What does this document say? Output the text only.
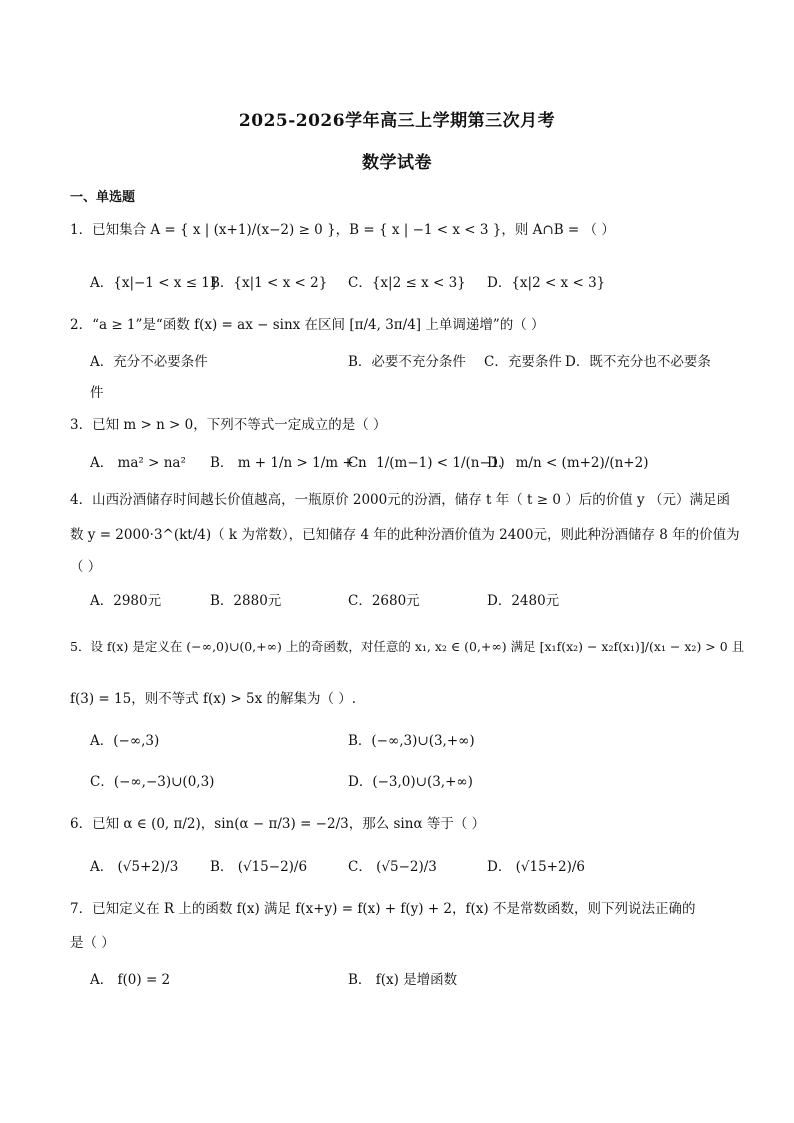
2025-2026学年高三上学期第三次月考
数学试卷
一、单选题
1．已知集合 A = { x | (x+1)/(x−2) ≥ 0 }，B = { x | −1 < x < 3 }，则 A∩B = （ ）
A．{x|−1 < x ≤ 1}
B．{x|1 < x < 2} C．{x|2 ≤ x < 3} D．{x|2 < x < 3}
2．“a ≥ 1”是“函数 f(x) = ax − sinx 在区间 [π/4, 3π/4] 上单调递增”的（ ）
A．充分不必要条件	B．必要不充分条件 C．充要条件 D．既不充分也不必要条
件
3．已知 m > n > 0，下列不等式一定成立的是（ ）
A． ma² > na² B． m + 1/n > 1/m + n
C． 1/(m−1) < 1/(n−1)
D． m/n < (m+2)/(n+2)
4．山西汾酒储存时间越长价值越高，一瓶原价 2000元的汾酒，储存 t 年（ t ≥ 0 ）后的价值 y （元）满足函
数 y = 2000·3^(kt/4)（ k 为常数），已知储存 4 年的此种汾酒价值为 2400元，则此种汾酒储存 8 年的价值为
（ ）
A．2980元	B．2880元	C．2680元	D．2480元
5．设 f(x) 是定义在 (−∞,0)∪(0,+∞) 上的奇函数，对任意的 x₁, x₂ ∈ (0,+∞) 满足 [x₁f(x₂) − x₂f(x₁)]/(x₁ − x₂) > 0 且
f(3) = 15，则不等式 f(x) > 5x 的解集为（ ）.
A．(−∞,3)	B．(−∞,3)∪(3,+∞)
C．(−∞,−3)∪(0,3)	D．(−3,0)∪(3,+∞)
6．已知 α ∈ (0, π/2)，sin(α − π/3) = −2/3，那么 sinα 等于（ ）
A． (√5+2)/3 B． (√15−2)/6	C． (√5−2)/3	D． (√15+2)/6
7．已知定义在 R 上的函数 f(x) 满足 f(x+y) = f(x) + f(y) + 2，f(x) 不是常数函数，则下列说法正确的
是（ ）
A． f(0) = 2	B． f(x) 是增函数
